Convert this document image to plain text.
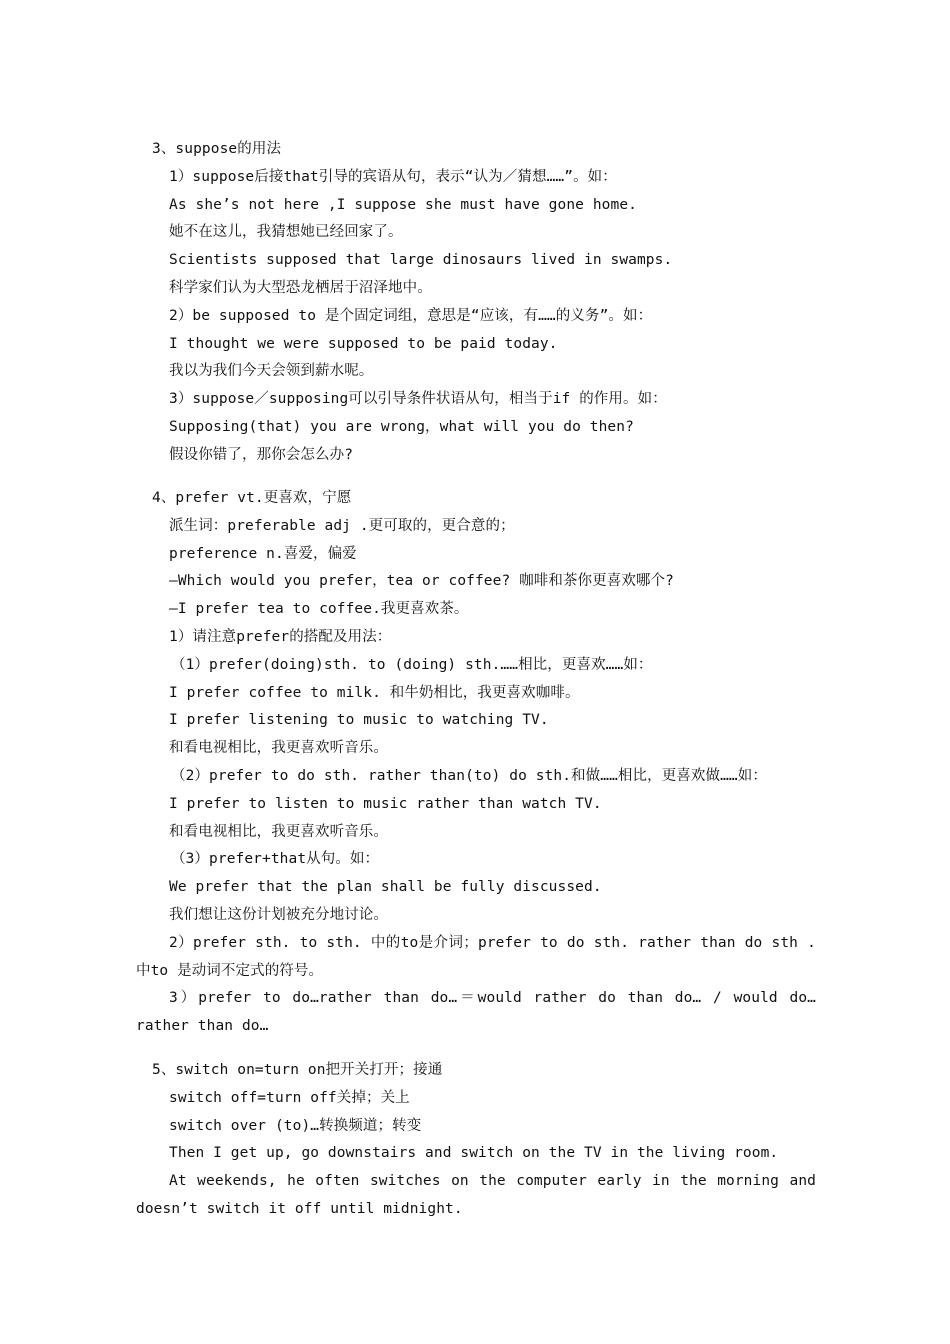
3、suppose的用法
1）suppose后接that引导的宾语从句，表示“认为／猜想……”。如：
As she’s not here ,I suppose she must have gone home.
她不在这儿，我猜想她已经回家了。
Scientists supposed that large dinosaurs lived in swamps.
科学家们认为大型恐龙栖居于沼泽地中。
2）be supposed to 是个固定词组，意思是“应该，有……的义务”。如：
I thought we were supposed to be paid today.
我以为我们今天会领到薪水呢。
3）suppose／supposing可以引导条件状语从句，相当于if 的作用。如：
Supposing(that) you are wrong，what will you do then?
假设你错了，那你会怎么办?
4、prefer vt.更喜欢，宁愿
派生词：preferable adj .更可取的，更合意的；
preference n.喜爱，偏爱
—Which would you prefer，tea or coffee? 咖啡和茶你更喜欢哪个?
—I prefer tea to coffee.我更喜欢茶。
1）请注意prefer的搭配及用法：
（1）prefer(doing)sth. to (doing) sth.……相比，更喜欢……如：
I prefer coffee to milk. 和牛奶相比，我更喜欢咖啡。
I prefer listening to music to watching TV.
和看电视相比，我更喜欢听音乐。
（2）prefer to do sth. rather than(to) do sth.和做……相比，更喜欢做……如：
I prefer to listen to music rather than watch TV.
和看电视相比，我更喜欢听音乐。
（3）prefer+that从句。如：
We prefer that the plan shall be fully discussed.
我们想让这份计划被充分地讨论。
2）prefer sth. to sth. 中的to是介词；prefer to do sth. rather than do sth .
中to 是动词不定式的符号。
3）prefer to do…rather than do…＝would rather do than do… / would do…
rather than do…
5、switch on=turn on把开关打开；接通
switch off=turn off关掉；关上
switch over (to)…转换频道；转变
Then I get up, go downstairs and switch on the TV in the living room.
At weekends, he often switches on the computer early in the morning and
doesn’t switch it off until midnight.
